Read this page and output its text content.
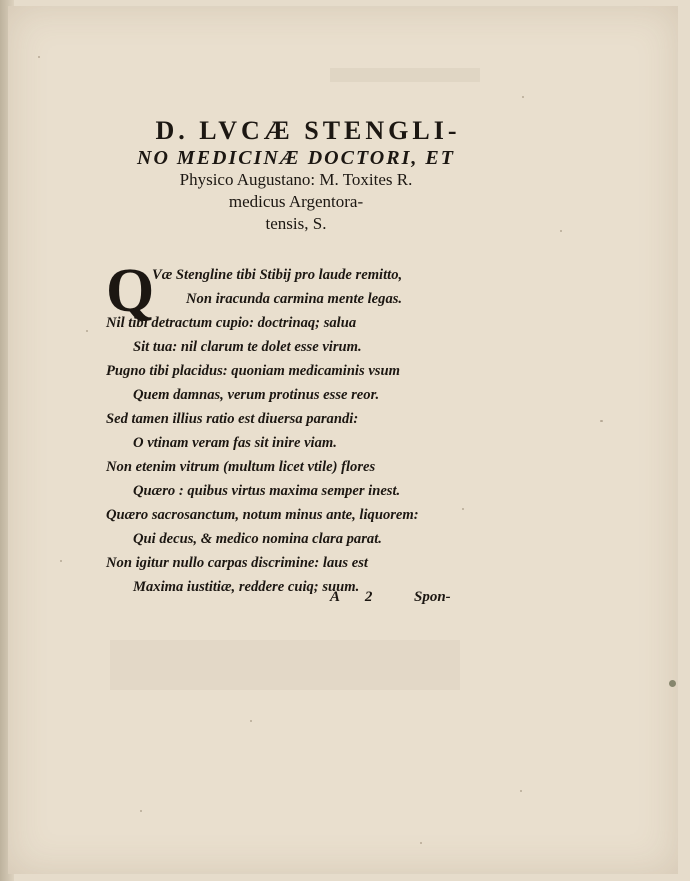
D. LVCÆ STENGLI-
NO MEDICINÆ DOCTORI, ET
Physico Augustano: M. Toxites R.
medicus Argentora-
tensis, S.
Q
Væ Stengline tibi Stibij pro laude remitto,
Non iracunda carmina mente legas.
Nil tibi detractum cupio: doctrinaq; salua
Sit tua: nil clarum te dolet esse virum.
Pugno tibi placidus: quoniam medicaminis vsum
Quem damnas, verum protinus esse reor.
Sed tamen illius ratio est diuersa parandi:
O vtinam veram fas sit inire viam.
Non etenim vitrum (multum licet vtile) flores
Quæro : quibus virtus maxima semper inest.
Quæro sacrosanctum, notum minus ante, liquorem:
Qui decus, & medico nomina clara parat.
Non igitur nullo carpas discrimine: laus est
Maxima iustitiæ, reddere cuiq; suum.
A 2	Spon-
